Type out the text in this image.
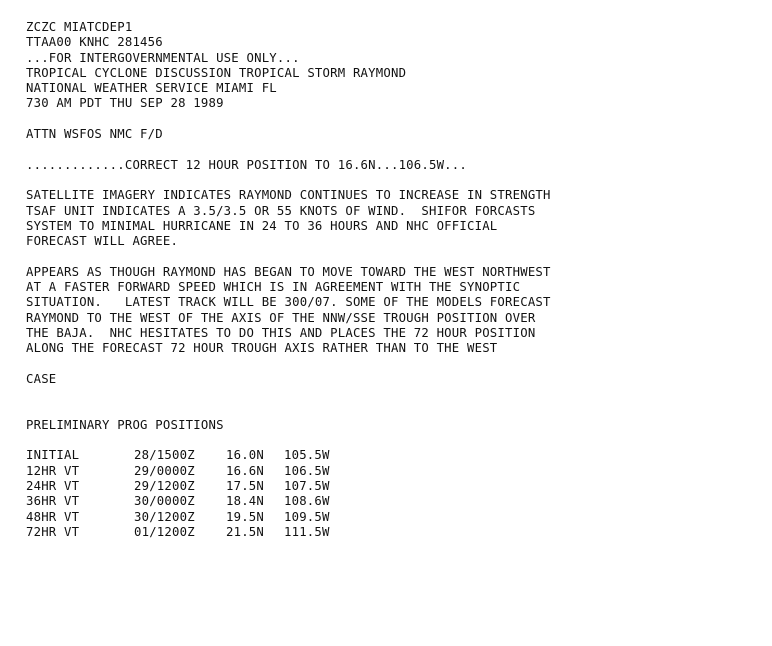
ZCZC MIATCDEP1
TTAA00 KNHC 281456
...FOR INTERGOVERNMENTAL USE ONLY...
TROPICAL CYCLONE DISCUSSION TROPICAL STORM RAYMOND
NATIONAL WEATHER SERVICE MIAMI FL
730 AM PDT THU SEP 28 1989
ATTN WSFOS NMC F/D
.............CORRECT 12 HOUR POSITION TO 16.6N...106.5W...
SATELLITE IMAGERY INDICATES RAYMOND CONTINUES TO INCREASE IN STRENGTH
TSAF UNIT INDICATES A 3.5/3.5 OR 55 KNOTS OF WIND.  SHIFOR FORCASTS
SYSTEM TO MINIMAL HURRICANE IN 24 TO 36 HOURS AND NHC OFFICIAL
FORECAST WILL AGREE.
APPEARS AS THOUGH RAYMOND HAS BEGAN TO MOVE TOWARD THE WEST NORTHWEST
AT A FASTER FORWARD SPEED WHICH IS IN AGREEMENT WITH THE SYNOPTIC
SITUATION.   LATEST TRACK WILL BE 300/07. SOME OF THE MODELS FORECAST
RAYMOND TO THE WEST OF THE AXIS OF THE NNW/SSE TROUGH POSITION OVER
THE BAJA.  NHC HESITATES TO DO THIS AND PLACES THE 72 HOUR POSITION
ALONG THE FORECAST 72 HOUR TROUGH AXIS RATHER THAN TO THE WEST
CASE
PRELIMINARY PROG POSITIONS
INITIAL	28/1500Z	16.0N	105.5W
12HR VT	29/0000Z	16.6N	106.5W
24HR VT	29/1200Z	17.5N	107.5W
36HR VT	30/0000Z	18.4N	108.6W
48HR VT	30/1200Z	19.5N	109.5W
72HR VT	01/1200Z	21.5N	111.5W
